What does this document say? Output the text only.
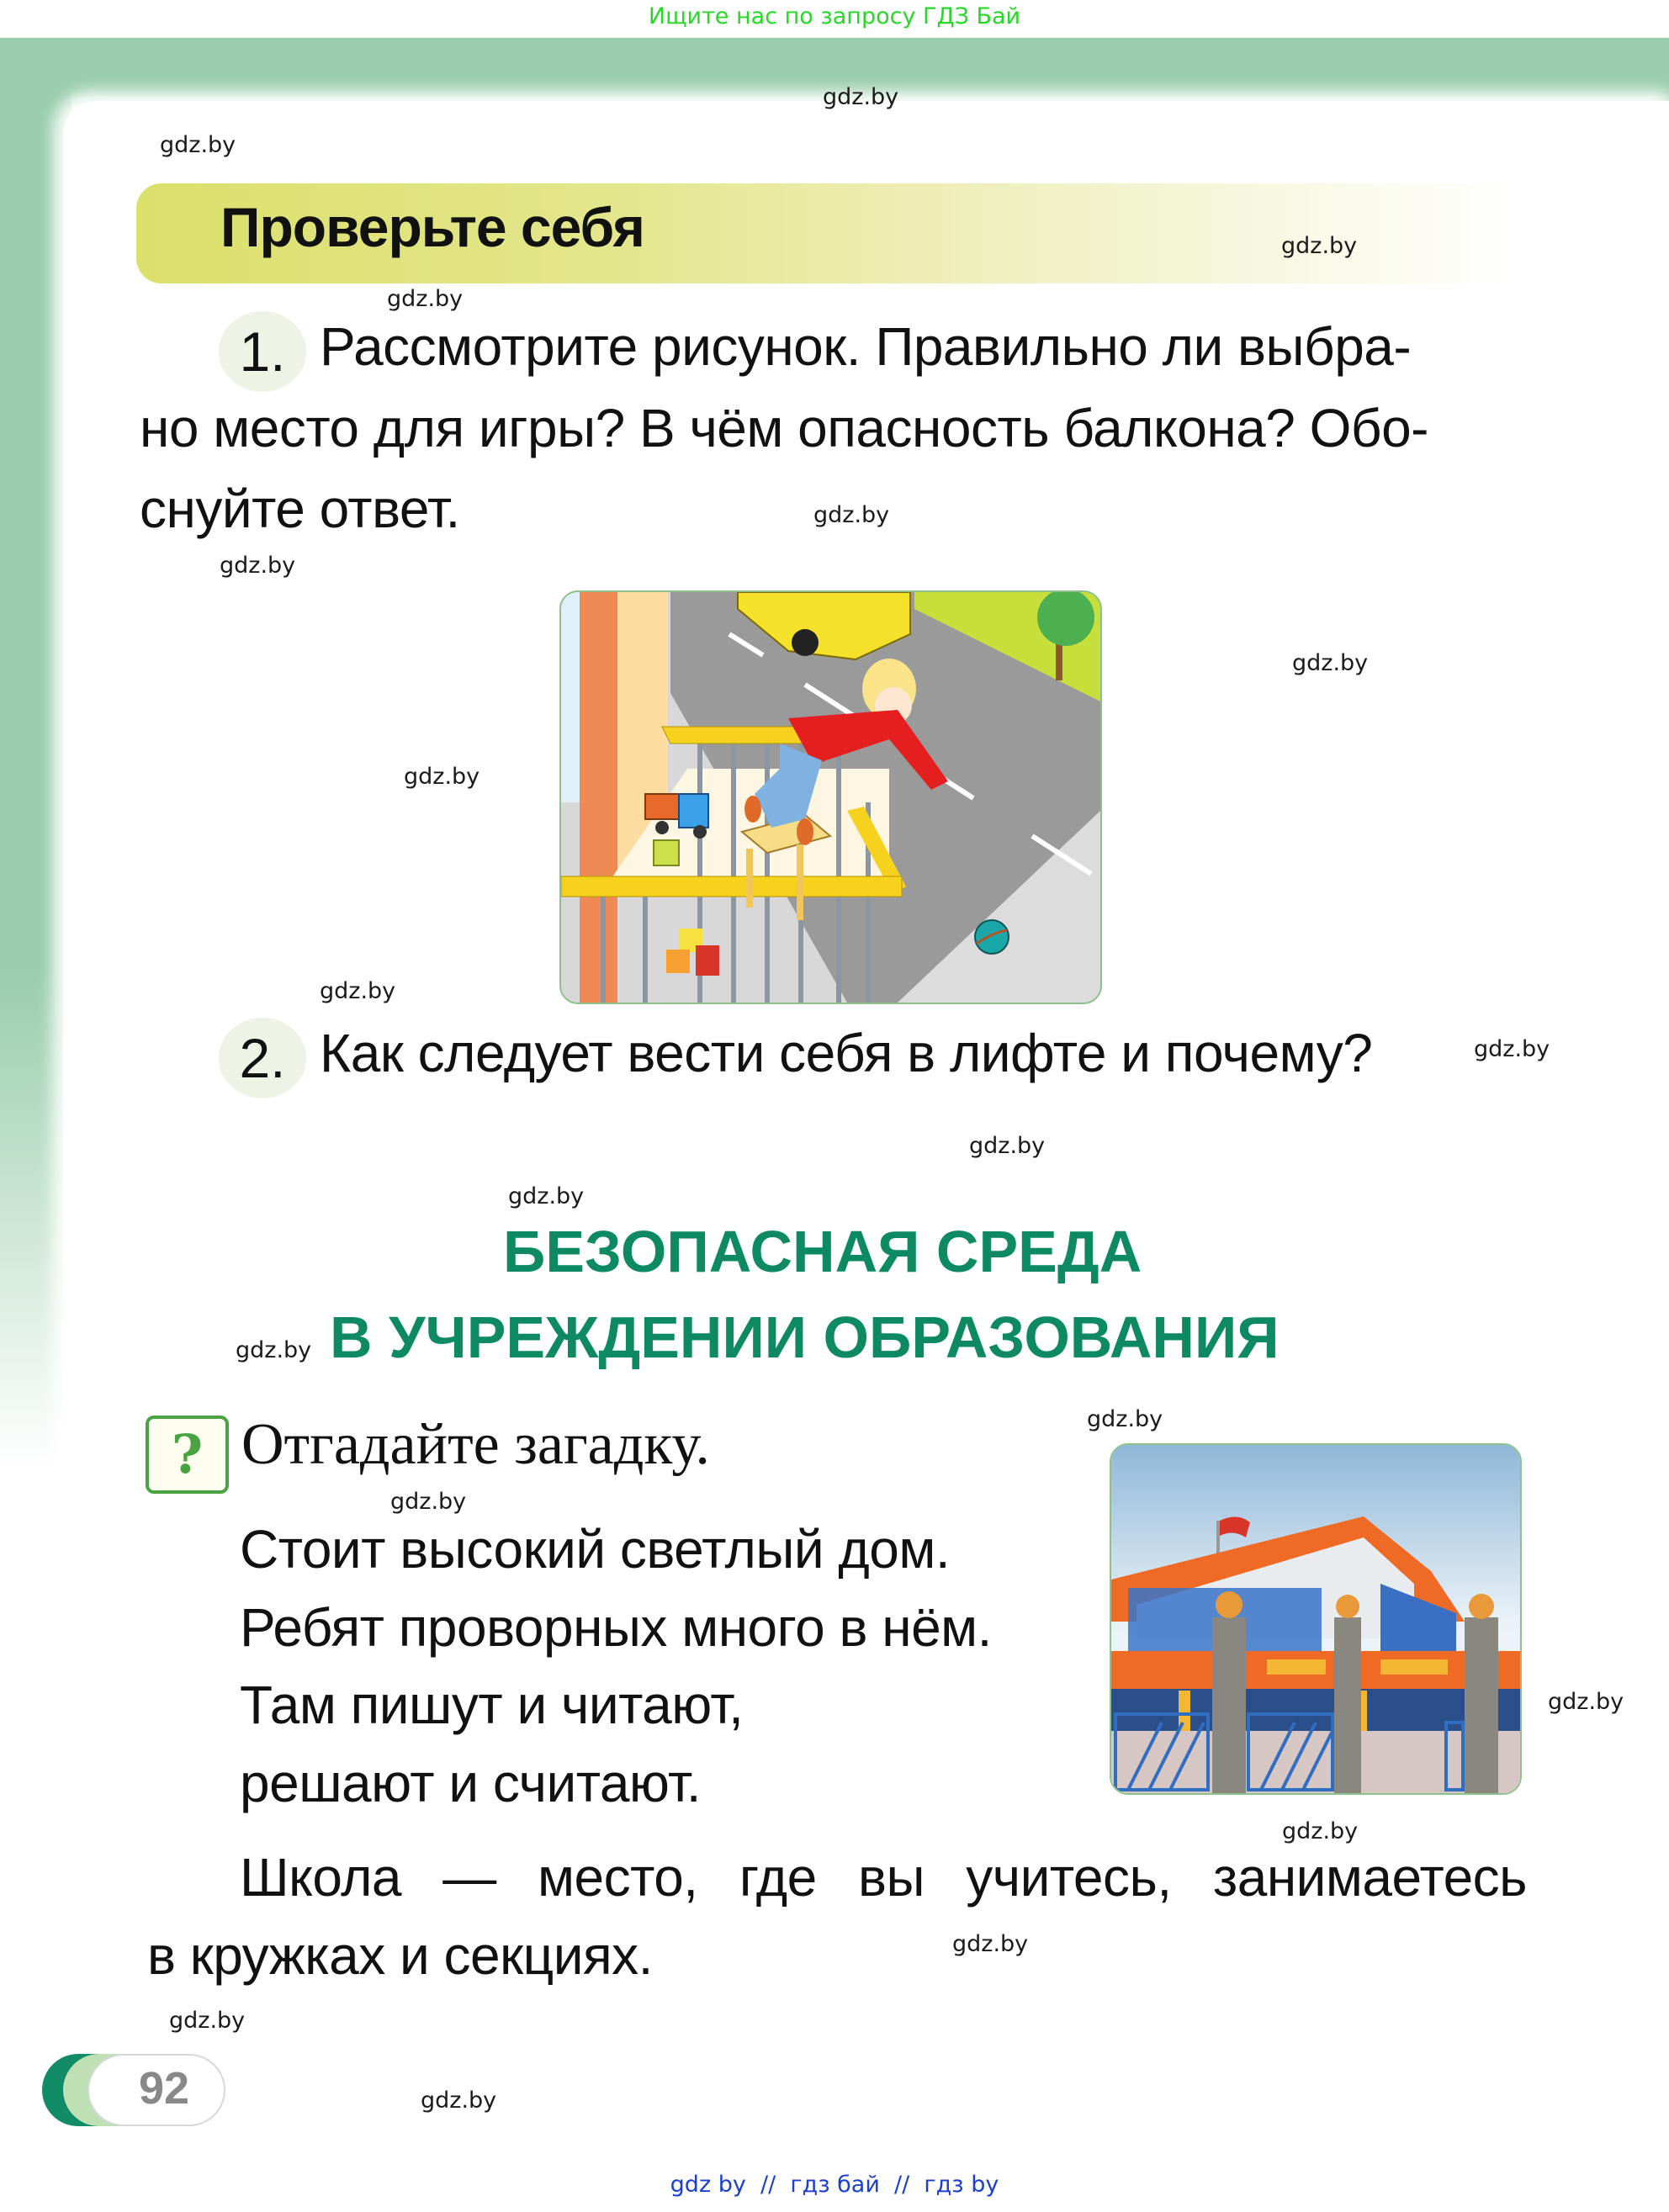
Ищите нас по запросу ГДЗ Бай
Проверьте себя
1. Рассмотрите рисунок. Правильно ли выбра-
но место для игры? В чём опасность балкона? Обо-
снуйте ответ.
2. Как следует вести себя в лифте и почему?
БЕЗОПАСНАЯ СРЕДА
В УЧРЕЖДЕНИИ ОБРАЗОВАНИЯ
? Отгадайте загадку.
Стоит высокий светлый дом.
Ребят проворных много в нём.
Там пишут и читают,
решают и считают.
Школа — место, где вы учитесь, занимаетесь
в кружках и секциях.
92
gdz.by
gdz.by
gdz.by
gdz.by
gdz.by
gdz.by
gdz.by
gdz.by
gdz.by
gdz.by
gdz.by
gdz.by
gdz.by
gdz.by
gdz.by
gdz.by
gdz.by
gdz.by
gdz.by
gdz.by
gdz by  //  гдз бай  //  гдз by
